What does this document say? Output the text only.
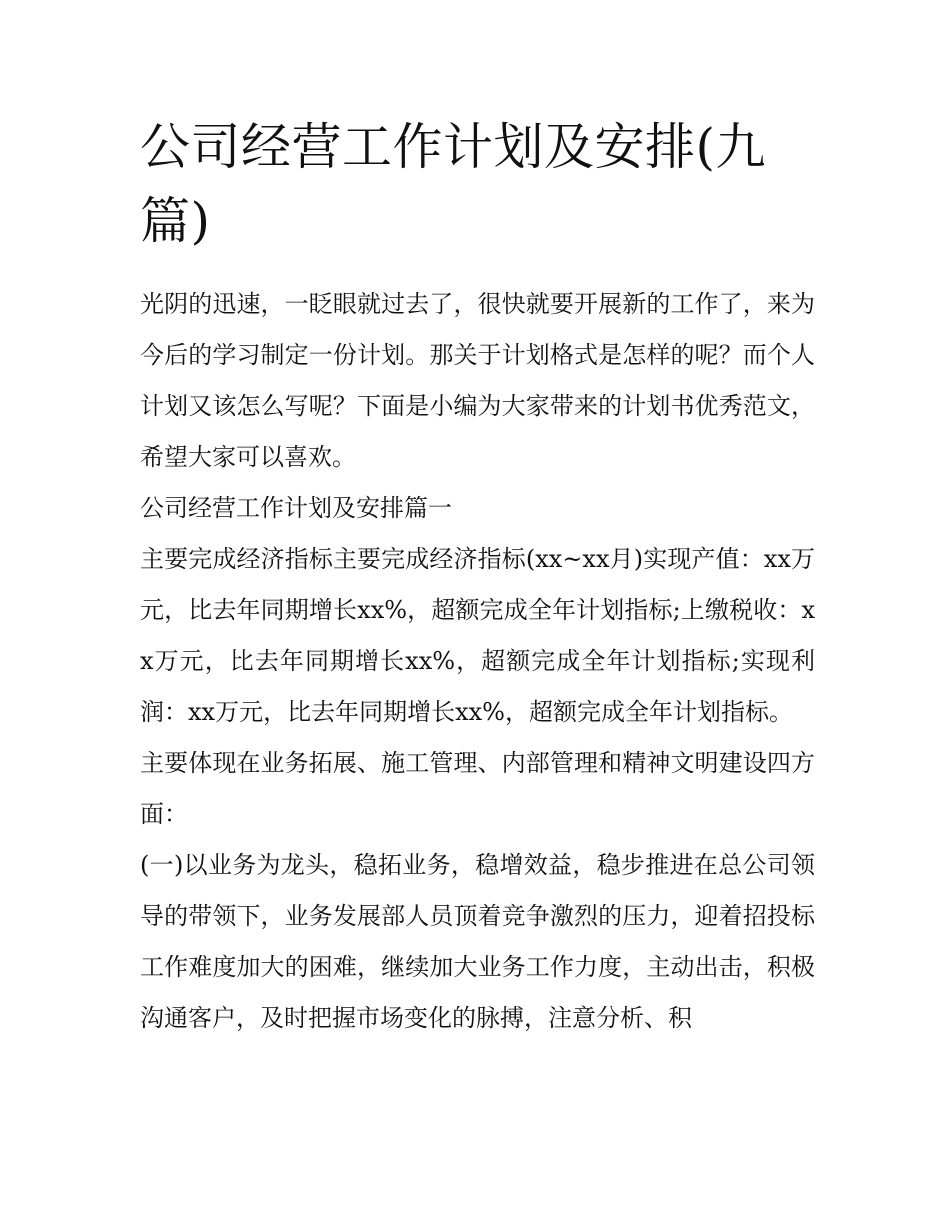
公司经营工作计划及安排(九篇)

光阴的迅速，一眨眼就过去了，很快就要开展新的工作了，来为今后的学习制定一份计划。那关于计划格式是怎样的呢？而个人计划又该怎么写呢？下面是小编为大家带来的计划书优秀范文，希望大家可以喜欢。

公司经营工作计划及安排篇一

主要完成经济指标主要完成经济指标(xx~xx月)实现产值：xx万元，比去年同期增长xx%，超额完成全年计划指标;上缴税收：xx万元，比去年同期增长xx%，超额完成全年计划指标;实现利润：xx万元，比去年同期增长xx%，超额完成全年计划指标。

主要体现在业务拓展、施工管理、内部管理和精神文明建设四方面：

(一)以业务为龙头，稳拓业务，稳增效益，稳步推进在总公司领导的带领下，业务发展部人员顶着竞争激烈的压力，迎着招投标工作难度加大的困难，继续加大业务工作力度，主动出击，积极沟通客户，及时把握市场变化的脉搏，注意分析、积
